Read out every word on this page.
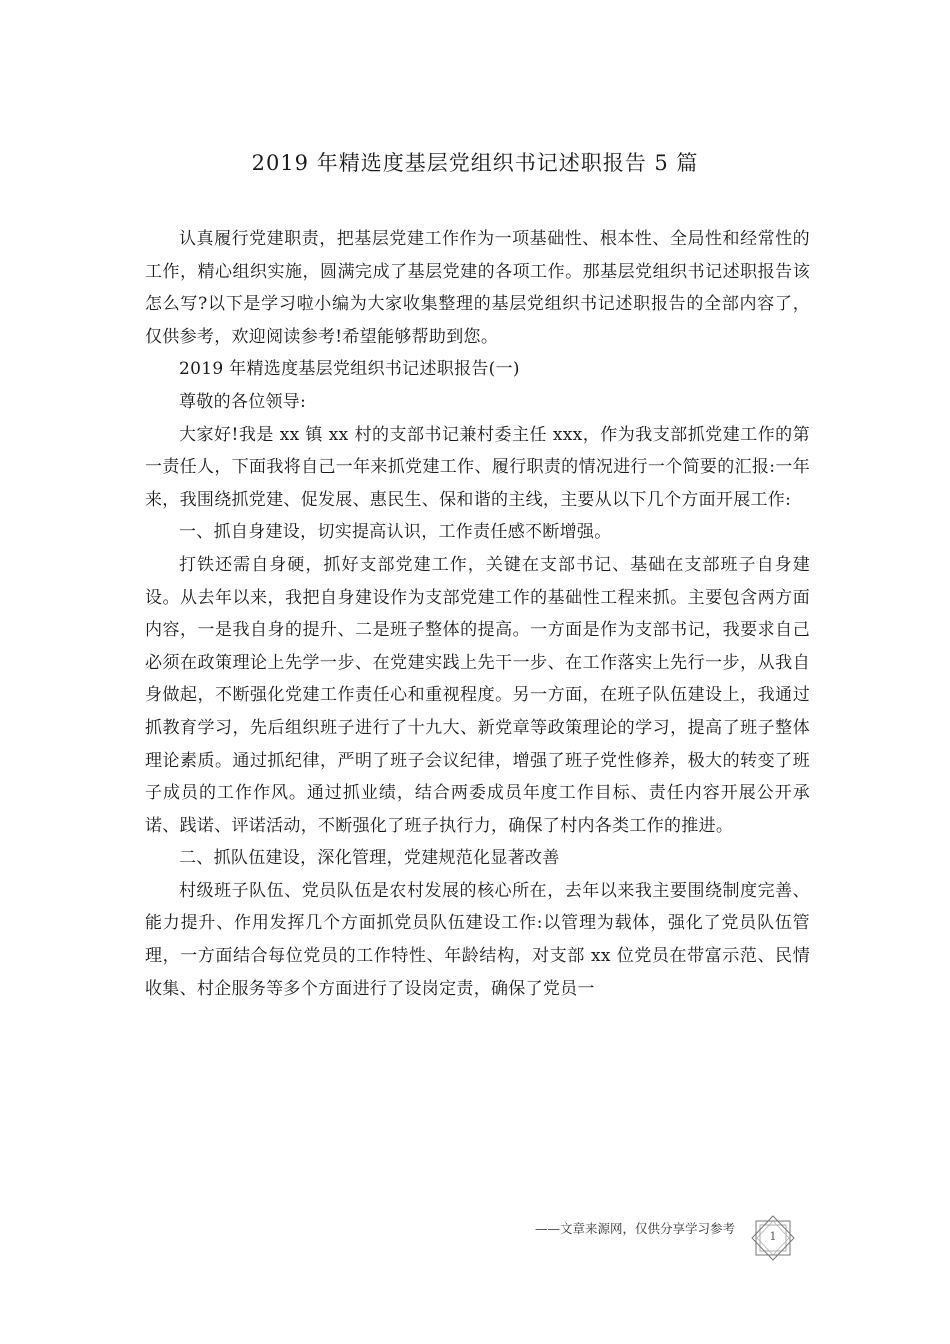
2019 年精选度基层党组织书记述职报告 5 篇

认真履行党建职责，把基层党建工作作为一项基础性、根本性、全局性和经常性的工作，精心组织实施，圆满完成了基层党建的各项工作。那基层党组织书记述职报告该怎么写?以下是学习啦小编为大家收集整理的基层党组织书记述职报告的全部内容了，仅供参考，欢迎阅读参考!希望能够帮助到您。

2019 年精选度基层党组织书记述职报告(一)

尊敬的各位领导:

大家好!我是 xx 镇 xx 村的支部书记兼村委主任 xxx，作为我支部抓党建工作的第一责任人，下面我将自己一年来抓党建工作、履行职责的情况进行一个简要的汇报:一年来，我围绕抓党建、促发展、惠民生、保和谐的主线，主要从以下几个方面开展工作:

一、抓自身建设，切实提高认识，工作责任感不断增强。

打铁还需自身硬，抓好支部党建工作，关键在支部书记、基础在支部班子自身建设。从去年以来，我把自身建设作为支部党建工作的基础性工程来抓。主要包含两方面内容，一是我自身的提升、二是班子整体的提高。一方面是作为支部书记，我要求自己必须在政策理论上先学一步、在党建实践上先干一步、在工作落实上先行一步，从我自身做起，不断强化党建工作责任心和重视程度。另一方面，在班子队伍建设上，我通过抓教育学习，先后组织班子进行了十九大、新党章等政策理论的学习，提高了班子整体理论素质。通过抓纪律，严明了班子会议纪律，增强了班子党性修养，极大的转变了班子成员的工作作风。通过抓业绩，结合两委成员年度工作目标、责任内容开展公开承诺、践诺、评诺活动，不断强化了班子执行力，确保了村内各类工作的推进。

二、抓队伍建设，深化管理，党建规范化显著改善

村级班子队伍、党员队伍是农村发展的核心所在，去年以来我主要围绕制度完善、能力提升、作用发挥几个方面抓党员队伍建设工作:以管理为载体，强化了党员队伍管理，一方面结合每位党员的工作特性、年龄结构，对支部 xx 位党员在带富示范、民情收集、村企服务等多个方面进行了设岗定责，确保了党员一

——文章来源网，仅供分享学习参考
1
